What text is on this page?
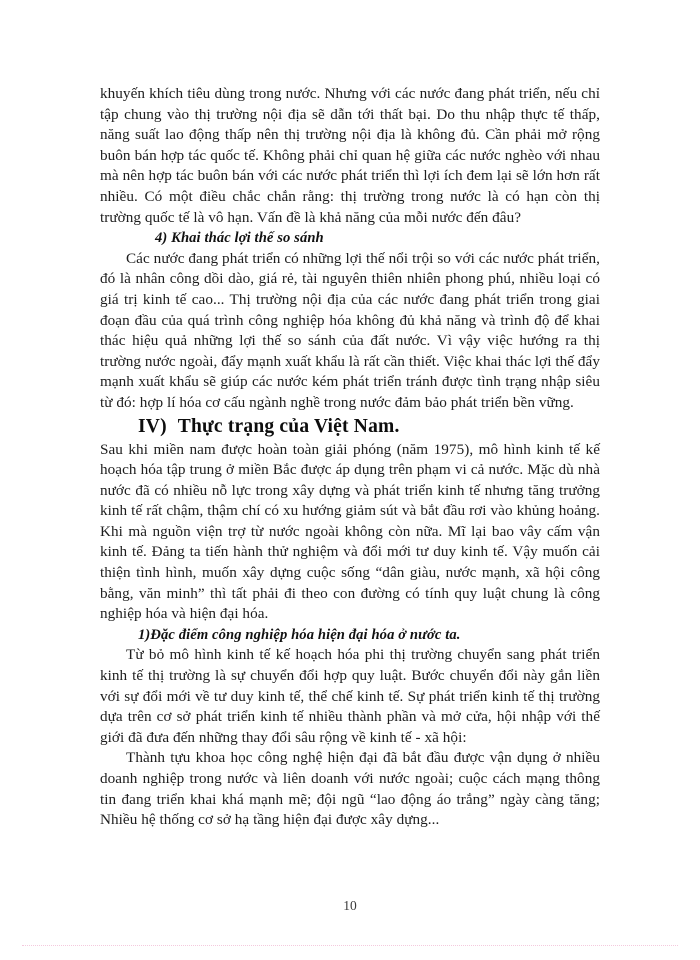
khuyến khích tiêu dùng trong nước. Nhưng với các nước đang phát triển, nếu chỉ tập chung vào thị trường nội địa sẽ dẫn tới thất bại. Do thu nhập thực tế thấp, năng suất lao động thấp nên thị trường nội địa là không đủ. Cần phải mở rộng buôn bán hợp tác quốc tế. Không phải chỉ quan hệ giữa các nước nghèo với nhau mà nên hợp tác buôn bán với các nước phát triển thì lợi ích đem lại sẽ lớn hơn rất nhiều. Có một điều chắc chắn rằng: thị trường trong nước là có hạn còn thị trường quốc tế là vô hạn. Vấn đề là khả năng của mỗi nước đến đâu?

4) Khai thác lợi thế so sánh

Các nước đang phát triển có những lợi thế nổi trội so với các nước phát triển, đó là nhân công dồi dào, giá rẻ, tài nguyên thiên nhiên phong phú, nhiều loại có giá trị kinh tế cao... Thị trường nội địa của các nước đang phát triển trong giai đoạn đầu của quá trình công nghiệp hóa không đủ khả năng và trình độ để khai thác hiệu quả những lợi thế so sánh của đất nước. Vì vậy việc hướng ra thị trường nước ngoài, đẩy mạnh xuất khẩu là rất cần thiết. Việc khai thác lợi thế đẩy mạnh xuất khẩu sẽ giúp các nước kém phát triển tránh được tình trạng nhập siêu từ đó: hợp lí hóa cơ cấu ngành nghề trong nước đảm bảo phát triển bền vững.

IV) Thực trạng của Việt Nam.

Sau khi miền nam được hoàn toàn giải phóng (năm 1975), mô hình kinh tế kế hoạch hóa tập trung ở miền Bắc được áp dụng trên phạm vi cả nước. Mặc dù nhà nước đã có nhiều nỗ lực trong xây dựng và phát triển kinh tế nhưng tăng trưởng kinh tế rất chậm, thậm chí có xu hướng giảm sút và bắt đầu rơi vào khủng hoảng. Khi mà nguồn viện trợ từ nước ngoài không còn nữa. Mĩ lại bao vây cấm vận kinh tế. Đảng ta tiến hành thử nghiệm và đổi mới tư duy kinh tế. Vậy muốn cải thiện tình hình, muốn xây dựng cuộc sống “dân giàu, nước mạnh, xã hội công bằng, văn minh” thì tất phải đi theo con đường có tính quy luật chung là công nghiệp hóa và hiện đại hóa.

1)Đặc điểm công nghiệp hóa hiện đại hóa ở nước ta.

Từ bỏ mô hình kinh tế kế hoạch hóa phi thị trường chuyển sang phát triển kinh tế thị trường là sự chuyển đổi hợp quy luật. Bước chuyển đổi này gắn liền với sự đổi mới về tư duy kinh tế, thể chế kinh tế. Sự phát triển kinh tế thị trường dựa trên cơ sở phát triển kinh tế nhiều thành phần và mở cửa, hội nhập với thế giới đã đưa đến những thay đổi sâu rộng về kinh tế - xã hội:

Thành tựu khoa học công nghệ hiện đại đã bắt đầu được vận dụng ở nhiều doanh nghiệp trong nước và liên doanh với nước ngoài; cuộc cách mạng thông tin đang triển khai khá mạnh mẽ; đội ngũ “lao động áo trắng” ngày càng tăng; Nhiều hệ thống cơ sở hạ tầng hiện đại được xây dựng...

10
